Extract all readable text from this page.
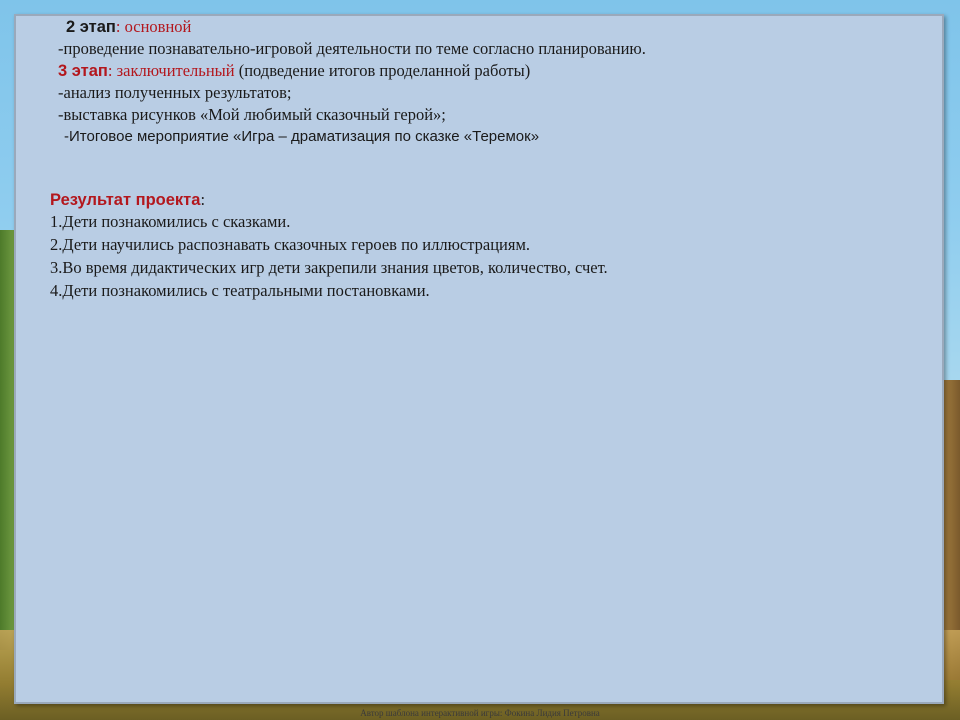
2 этап: основной
-проведение познавательно-игровой деятельности по теме согласно планированию.
3 этап: заключительный (подведение итогов проделанной работы)
-анализ полученных результатов;
-выставка рисунков «Мой любимый сказочный герой»;
-Итоговое мероприятие «Игра – драматизация по сказке «Теремок»
Результат проекта:
1.Дети познакомились с сказками.
2.Дети научились распознавать сказочных героев по иллюстрациям.
3.Во время дидактических игр дети закрепили знания цветов, количество, счет.
4.Дети познакомились с театральными постановками.
Автор шаблона интерактивной игры: Фокина Лидия Петровна
